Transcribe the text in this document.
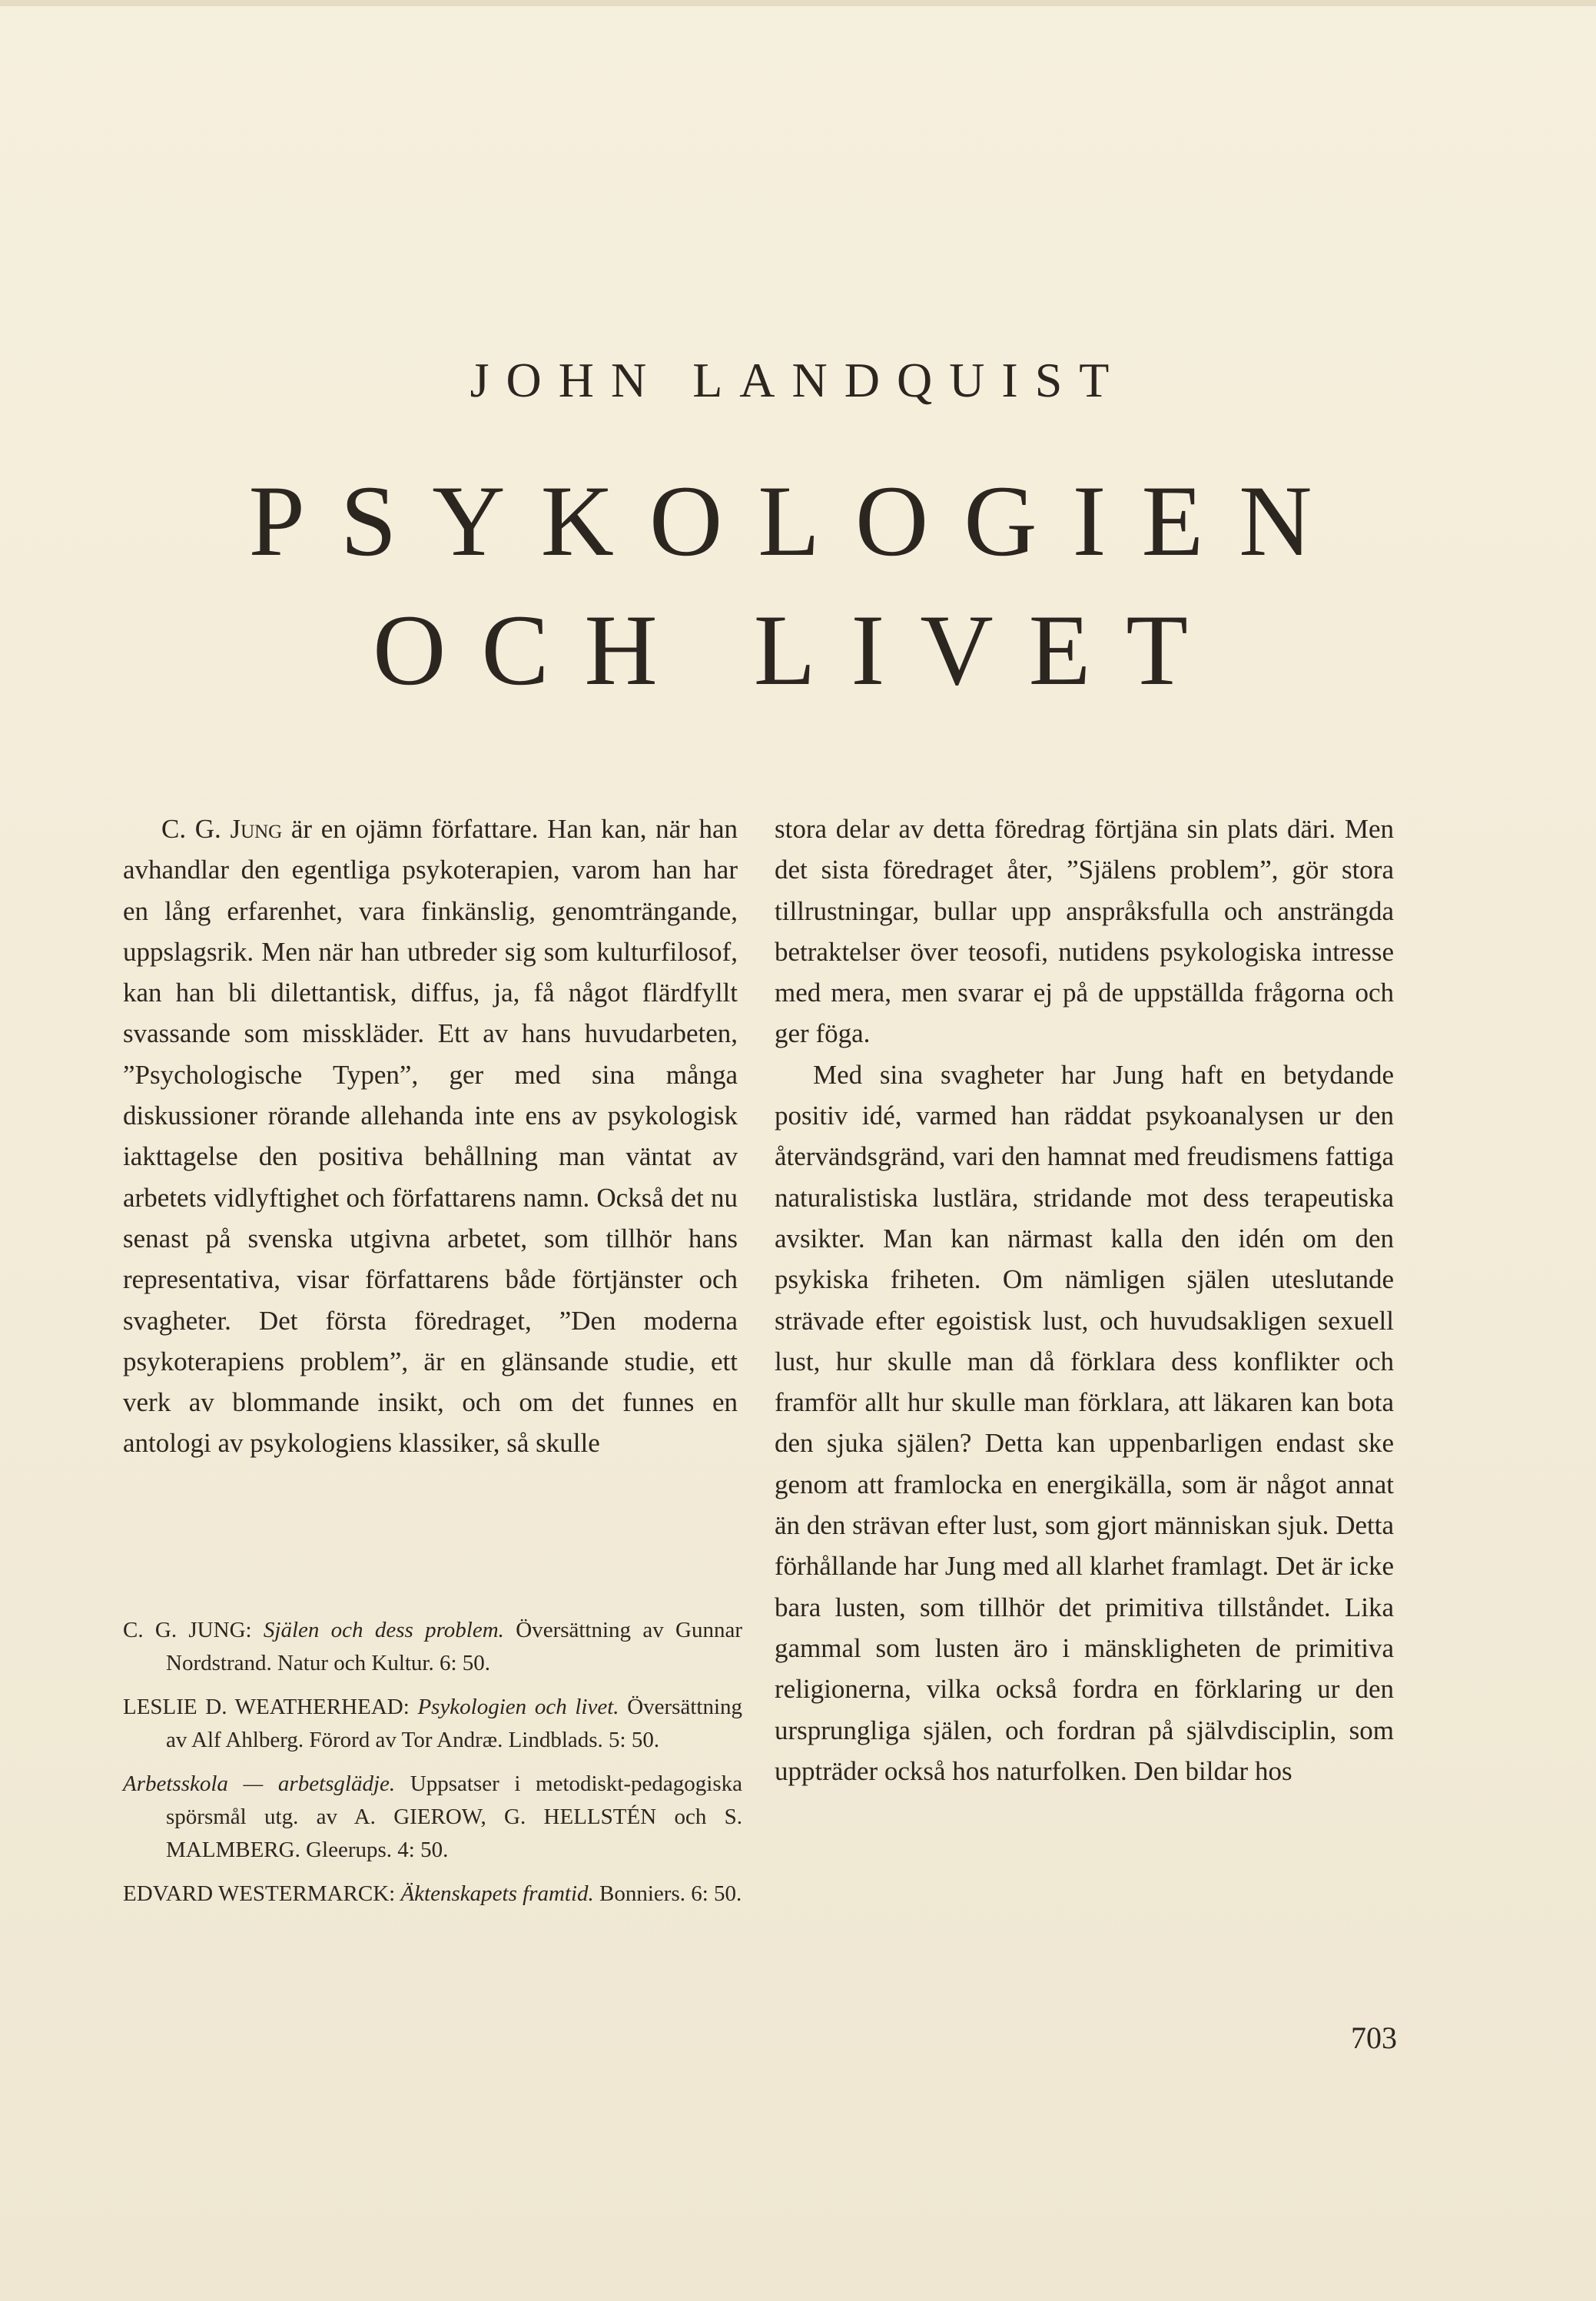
JOHN LANDQUIST
PSYKOLOGIEN
OCH LIVET

C. G. Jung är en ojämn författare. Han kan, när han avhandlar den egentliga psykoterapien, varom han har en lång erfarenhet, vara finkänslig, genomträngande, uppslagsrik. Men när han utbreder sig som kulturfilosof, kan han bli dilettantisk, diffus, ja, få något flärdfyllt svassande som misskläder. Ett av hans huvudarbeten, ”Psychologische Typen”, ger med sina många diskussioner rörande allehanda inte ens av psykologisk iakttagelse den positiva behållning man väntat av arbetets vidlyftighet och författarens namn. Också det nu senast på svenska utgivna arbetet, som tillhör hans representativa, visar författarens både förtjänster och svagheter. Det första föredraget, ”Den moderna psykoterapiens problem”, är en glänsande studie, ett verk av blommande insikt, och om det funnes en antologi av psykologiens klassiker, så skulle

C. G. JUNG: Själen och dess problem. Översättning av Gunnar Nordstrand. Natur och Kultur. 6: 50.

LESLIE D. WEATHERHEAD: Psykologien och livet. Översättning av Alf Ahlberg. Förord av Tor Andræ. Lindblads. 5: 50.

Arbetsskola — arbetsglädje. Uppsatser i metodiskt-pedagogiska spörsmål utg. av A. GIEROW, G. HELLSTÉN och S. MALMBERG. Gleerups. 4: 50.

EDVARD WESTERMARCK: Äktenskapets framtid. Bonniers. 6: 50.

stora delar av detta föredrag förtjäna sin plats däri. Men det sista föredraget åter, ”Själens problem”, gör stora tillrustningar, bullar upp anspråksfulla och ansträngda betraktelser över teosofi, nutidens psykologiska intresse med mera, men svarar ej på de uppställda frågorna och ger föga.

Med sina svagheter har Jung haft en betydande positiv idé, varmed han räddat psykoanalysen ur den återvändsgränd, vari den hamnat med freudismens fattiga naturalistiska lustlära, stridande mot dess terapeutiska avsikter. Man kan närmast kalla den idén om den psykiska friheten. Om nämligen själen uteslutande strävade efter egoistisk lust, och huvudsakligen sexuell lust, hur skulle man då förklara dess konflikter och framför allt hur skulle man förklara, att läkaren kan bota den sjuka själen? Detta kan uppenbarligen endast ske genom att framlocka en energikälla, som är något annat än den strävan efter lust, som gjort människan sjuk. Detta förhållande har Jung med all klarhet framlagt. Det är icke bara lusten, som tillhör det primitiva tillståndet. Lika gammal som lusten äro i mänskligheten de primitiva religionerna, vilka också fordra en förklaring ur den ursprungliga själen, och fordran på självdisciplin, som uppträder också hos naturfolken. Den bildar hos

703
